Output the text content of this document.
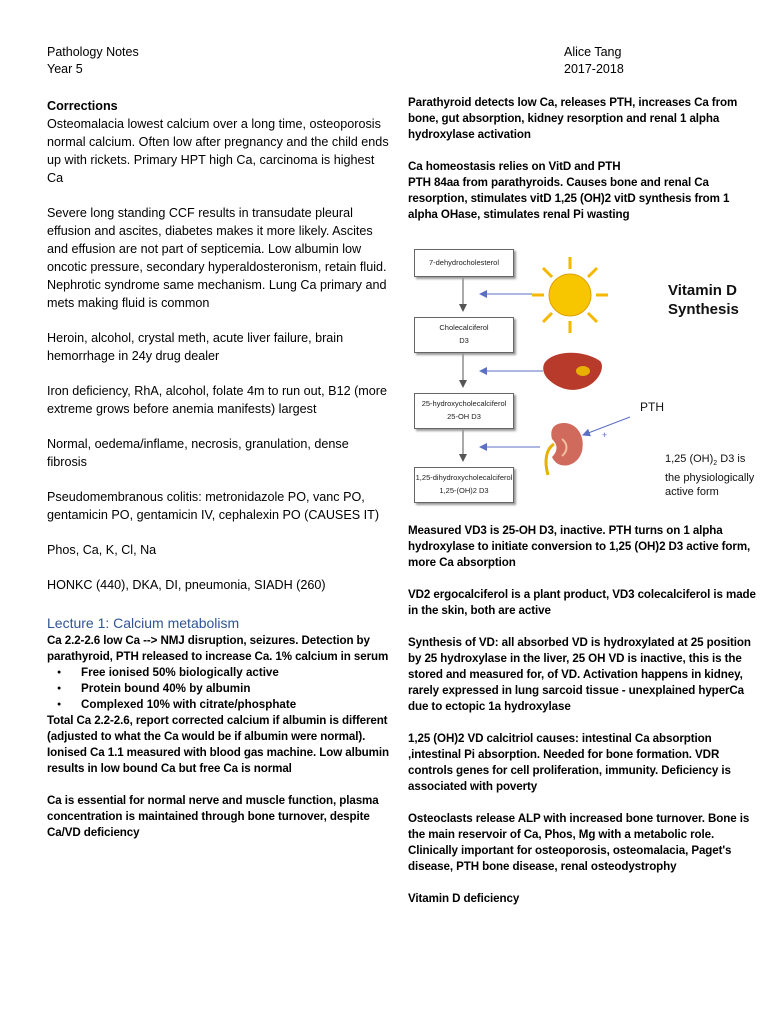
Pathology Notes
Year 5
Alice Tang
2017-2018

Corrections

Osteomalacia lowest calcium over a long time, osteoporosis normal calcium. Often low after pregnancy and the child ends up with rickets. Primary HPT high Ca, carcinoma is highest Ca

Severe long standing CCF results in transudate pleural effusion and ascites, diabetes makes it more likely. Ascites and effusion are not part of septicemia. Low albumin low oncotic pressure, secondary hyperaldosteronism, retain fluid. Nephrotic syndrome same mechanism. Lung Ca primary and mets making fluid is common

Heroin, alcohol, crystal meth, acute liver failure, brain hemorrhage in 24y drug dealer

Iron deficiency, RhA, alcohol, folate 4m to run out, B12 (more extreme grows before anemia manifests) largest

Normal, oedema/inflame, necrosis, granulation, dense fibrosis

Pseudomembranous colitis: metronidazole PO, vanc PO, gentamicin PO, gentamicin IV, cephalexin PO (CAUSES IT)

Phos, Ca, K, Cl, Na

HONKC (440), DKA, DI, pneumonia, SIADH (260)

Lecture 1: Calcium metabolism

Ca 2.2-2.6 low Ca --> NMJ disruption, seizures. Detection by parathyroid, PTH released to increase Ca. 1% calcium in serum

● Free ionised 50% biologically active
● Protein bound 40% by albumin
● Complexed 10% with citrate/phosphate

Total Ca 2.2-2.6, report corrected calcium if albumin is different (adjusted to what the Ca would be if albumin were normal). Ionised Ca 1.1 measured with blood gas machine. Low albumin results in low bound Ca but free Ca is normal

Ca is essential for normal nerve and muscle function, plasma concentration is maintained through bone turnover, despite Ca/VD deficiency

Parathyroid detects low Ca, releases PTH, increases Ca from bone, gut absorption, kidney resorption and renal 1 alpha hydroxylase activation

Ca homeostasis relies on VitD and PTH

PTH 84aa from parathyroids. Causes bone and renal Ca resorption, stimulates vitD 1,25 (OH)2 vitD synthesis from 1 alpha OHase, stimulates renal Pi wasting

7-dehydrocholesterol
Cholecalciferol
D3
25-hydroxycholecalciferol
25-OH D3
1,25-dihydroxycholecalciferol
1,25-(OH)2 D3
Vitamin D
Synthesis
PTH
+
1,25 $(OH)_2$ D3 is
the physiologically
active form

Measured VD3 is 25-OH D3, inactive. PTH turns on 1 alpha hydroxylase to initiate conversion to 1,25 (OH)2 D3 active form, more Ca absorption

VD2 ergocalciferol is a plant product, VD3 colecalciferol is made in the skin, both are active

Synthesis of VD: all absorbed VD is hydroxylated at 25 position by 25 hydroxylase in the liver, 25 OH VD is inactive, this is the stored and measured for, of VD. Activation happens in kidney, rarely expressed in lung sarcoid tissue - unexplained hyperCa due to ectopic 1a hydroxylase

1,25 (OH)2 VD calcitriol causes: intestinal Ca absorption ,intestinal Pi absorption. Needed for bone formation. VDR controls genes for cell proliferation, immunity. Deficiency is associated with poverty

Osteoclasts release ALP with increased bone turnover. Bone is the main reservoir of Ca, Phos, Mg with a metabolic role. Clinically important for osteoporosis, osteomalacia, Paget's disease, PTH bone disease, renal osteodystrophy

Vitamin D deficiency
